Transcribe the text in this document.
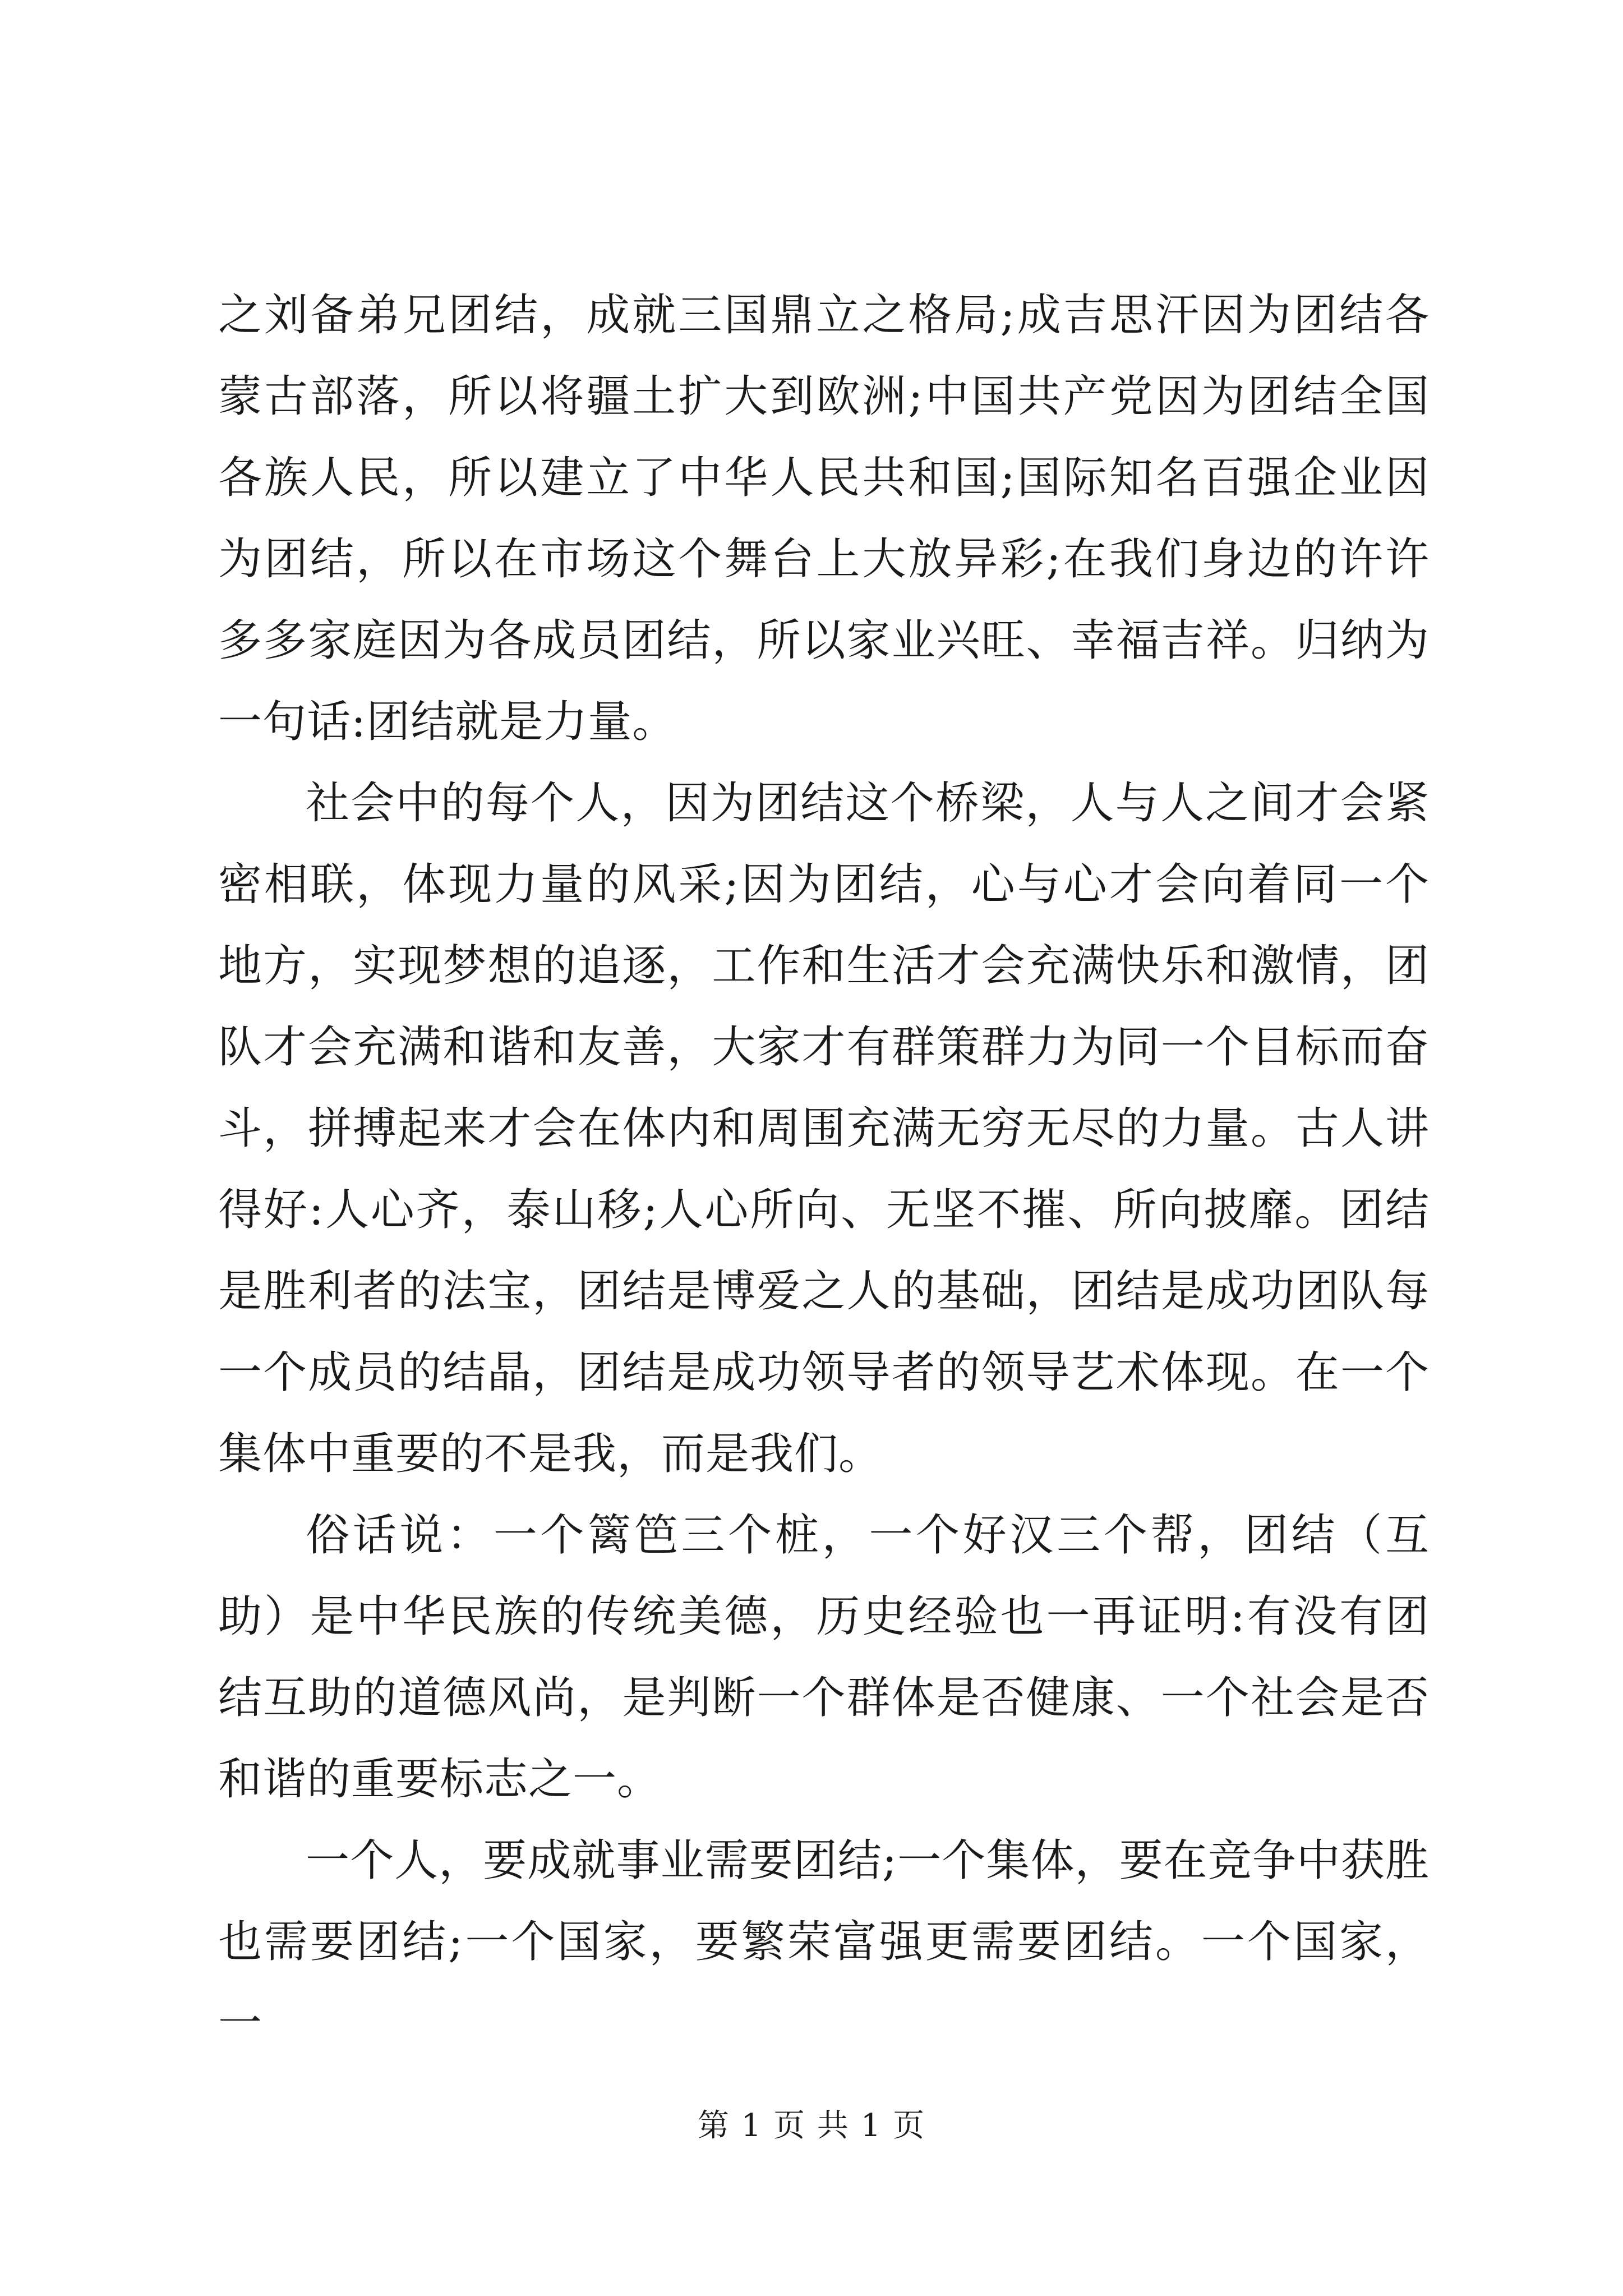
之刘备弟兄团结，成就三国鼎立之格局;成吉思汗因为团结各蒙古部落，所以将疆土扩大到欧洲;中国共产党因为团结全国各族人民，所以建立了中华人民共和国;国际知名百强企业因为团结，所以在市场这个舞台上大放异彩;在我们身边的许许多多家庭因为各成员团结，所以家业兴旺、幸福吉祥。归纳为一句话:团结就是力量。

社会中的每个人，因为团结这个桥梁，人与人之间才会紧密相联，体现力量的风采;因为团结，心与心才会向着同一个地方，实现梦想的追逐，工作和生活才会充满快乐和激情，团队才会充满和谐和友善，大家才有群策群力为同一个目标而奋斗，拼搏起来才会在体内和周围充满无穷无尽的力量。古人讲得好:人心齐，泰山移;人心所向、无坚不摧、所向披靡。团结是胜利者的法宝，团结是博爱之人的基础，团结是成功团队每一个成员的结晶，团结是成功领导者的领导艺术体现。在一个集体中重要的不是我，而是我们。

俗话说：一个篱笆三个桩，一个好汉三个帮，团结（互助）是中华民族的传统美德，历史经验也一再证明:有没有团结互助的道德风尚，是判断一个群体是否健康、一个社会是否和谐的重要标志之一。

一个人，要成就事业需要团结;一个集体，要在竞争中获胜也需要团结;一个国家，要繁荣富强更需要团结。一个国家，一

第 1 页 共 1 页
